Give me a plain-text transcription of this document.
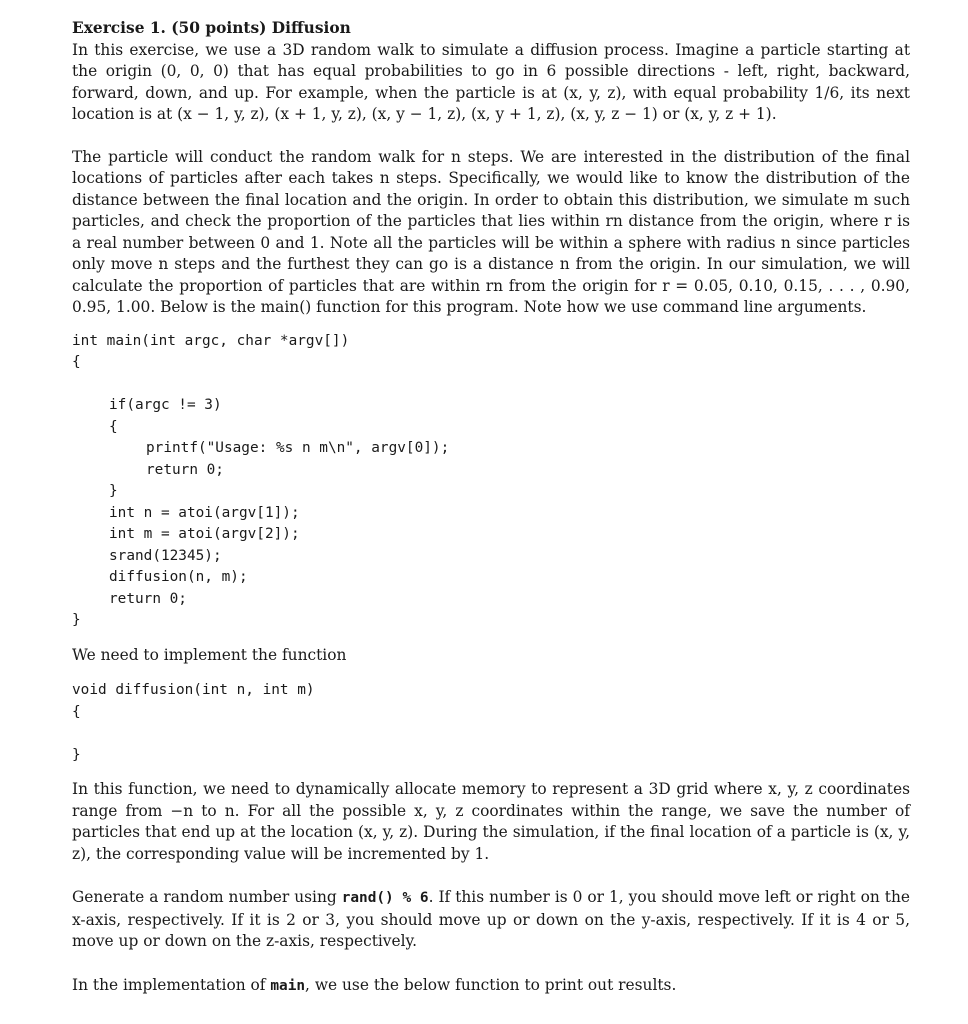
Exercise 1. (50 points) Diffusion

In this exercise, we use a 3D random walk to simulate a diffusion process. Imagine a particle starting at the origin (0, 0, 0) that has equal probabilities to go in 6 possible directions - left, right, backward, forward, down, and up. For example, when the particle is at (x, y, z), with equal probability 1/6, its next location is at (x − 1, y, z), (x + 1, y, z), (x, y − 1, z), (x, y + 1, z), (x, y, z − 1) or (x, y, z + 1).

The particle will conduct the random walk for n steps. We are interested in the distribution of the final locations of particles after each takes n steps. Specifically, we would like to know the distribution of the distance between the final location and the origin. In order to obtain this distribution, we simulate m such particles, and check the proportion of the particles that lies within rn distance from the origin, where r is a real number between 0 and 1. Note all the particles will be within a sphere with radius n since particles only move n steps and the furthest they can go is a distance n from the origin. In our simulation, we will calculate the proportion of particles that are within rn from the origin for r = 0.05, 0.10, 0.15, . . . , 0.90, 0.95, 1.00. Below is the main() function for this program. Note how we use command line arguments.

int main(int argc, char *argv[])
{
if(argc != 3)
{
printf("Usage: %s n m\n", argv[0]);
return 0;
}
int n = atoi(argv[1]);
int m = atoi(argv[2]);
srand(12345);
diffusion(n, m);
return 0;
}

We need to implement the function

void diffusion(int n, int m)
{
}

In this function, we need to dynamically allocate memory to represent a 3D grid where x, y, z coordinates range from −n to n. For all the possible x, y, z coordinates within the range, we save the number of particles that end up at the location (x, y, z). During the simulation, if the final location of a particle is (x, y, z), the corresponding value will be incremented by 1.

Generate a random number using rand() % 6. If this number is 0 or 1, you should move left or right on the x-axis, respectively. If it is 2 or 3, you should move up or down on the y-axis, respectively. If it is 4 or 5, move up or down on the z-axis, respectively.

In the implementation of main, we use the below function to print out results.
